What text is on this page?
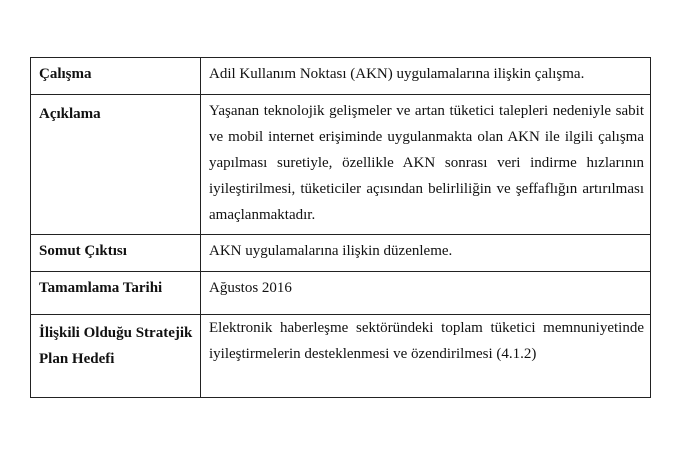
Çalışma	Adil Kullanım Noktası (AKN) uygulamalarına ilişkin çalışma.
Açıklama	Yaşanan teknolojik gelişmeler ve artan tüketici talepleri nedeniyle sabit ve mobil internet erişiminde uygulanmakta olan AKN ile ilgili çalışma yapılması suretiyle, özellikle AKN sonrası veri indirme hızlarının iyileştirilmesi, tüketiciler açısından belirliliğin ve şeffaflığın artırılması amaçlanmaktadır.
Somut Çıktısı	AKN uygulamalarına ilişkin düzenleme.
Tamamlama Tarihi	Ağustos 2016
İlişkili Olduğu Stratejik Plan Hedefi	Elektronik haberleşme sektöründeki toplam tüketici memnuniyetinde iyileştirmelerin desteklenmesi ve özendirilmesi (4.1.2)
